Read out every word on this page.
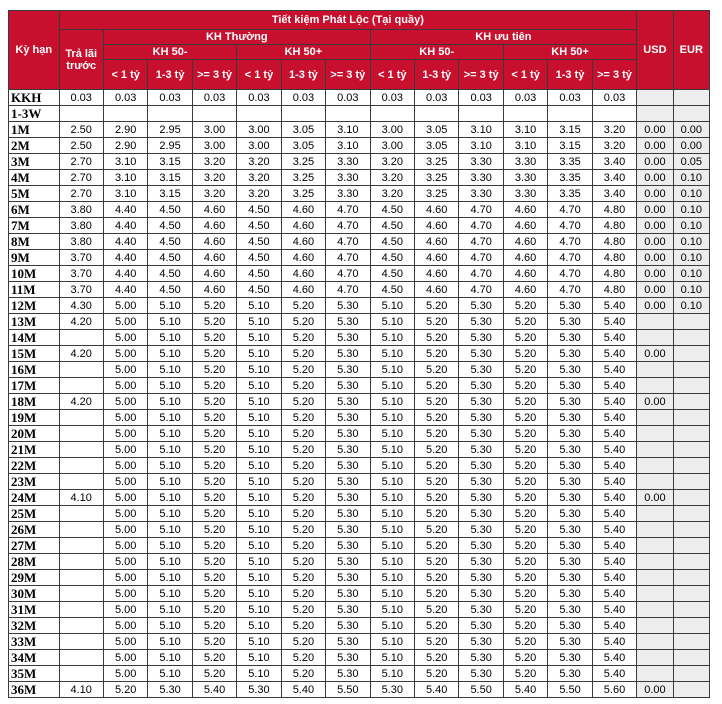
Kỳ hạn	Tiết kiệm Phát Lộc (Tại quầy)													USD	EUR
	Trả lãi trước	KH Thường						KH ưu tiên							
		KH 50-			KH 50+			KH 50-			KH 50+				
		< 1 tỷ	1-3 tỷ	>= 3 tỷ	< 1 tỷ	1-3 tỷ	>= 3 tỷ	< 1 tỷ	1-3 tỷ	>= 3 tỷ	< 1 tỷ	1-3 tỷ	>= 3 tỷ		
KKH	0.03	0.03	0.03	0.03	0.03	0.03	0.03	0.03	0.03	0.03	0.03	0.03	0.03		
1-3W															
1M	2.50	2.90	2.95	3.00	3.00	3.05	3.10	3.00	3.05	3.10	3.10	3.15	3.20	0.00	0.00
2M	2.50	2.90	2.95	3.00	3.00	3.05	3.10	3.00	3.05	3.10	3.10	3.15	3.20	0.00	0.00
3M	2.70	3.10	3.15	3.20	3.20	3.25	3.30	3.20	3.25	3.30	3.30	3.35	3.40	0.00	0.05
4M	2.70	3.10	3.15	3.20	3.20	3.25	3.30	3.20	3.25	3.30	3.30	3.35	3.40	0.00	0.10
5M	2.70	3.10	3.15	3.20	3.20	3.25	3.30	3.20	3.25	3.30	3.30	3.35	3.40	0.00	0.10
6M	3.80	4.40	4.50	4.60	4.50	4.60	4.70	4.50	4.60	4.70	4.60	4.70	4.80	0.00	0.10
7M	3.80	4.40	4.50	4.60	4.50	4.60	4.70	4.50	4.60	4.70	4.60	4.70	4.80	0.00	0.10
8M	3.80	4.40	4.50	4.60	4.50	4.60	4.70	4.50	4.60	4.70	4.60	4.70	4.80	0.00	0.10
9M	3.70	4.40	4.50	4.60	4.50	4.60	4.70	4.50	4.60	4.70	4.60	4.70	4.80	0.00	0.10
10M	3.70	4.40	4.50	4.60	4.50	4.60	4.70	4.50	4.60	4.70	4.60	4.70	4.80	0.00	0.10
11M	3.70	4.40	4.50	4.60	4.50	4.60	4.70	4.50	4.60	4.70	4.60	4.70	4.80	0.00	0.10
12M	4.30	5.00	5.10	5.20	5.10	5.20	5.30	5.10	5.20	5.30	5.20	5.30	5.40	0.00	0.10
13M	4.20	5.00	5.10	5.20	5.10	5.20	5.30	5.10	5.20	5.30	5.20	5.30	5.40		
14M		5.00	5.10	5.20	5.10	5.20	5.30	5.10	5.20	5.30	5.20	5.30	5.40		
15M	4.20	5.00	5.10	5.20	5.10	5.20	5.30	5.10	5.20	5.30	5.20	5.30	5.40	0.00	
16M		5.00	5.10	5.20	5.10	5.20	5.30	5.10	5.20	5.30	5.20	5.30	5.40		
17M		5.00	5.10	5.20	5.10	5.20	5.30	5.10	5.20	5.30	5.20	5.30	5.40		
18M	4.20	5.00	5.10	5.20	5.10	5.20	5.30	5.10	5.20	5.30	5.20	5.30	5.40	0.00	
19M		5.00	5.10	5.20	5.10	5.20	5.30	5.10	5.20	5.30	5.20	5.30	5.40		
20M		5.00	5.10	5.20	5.10	5.20	5.30	5.10	5.20	5.30	5.20	5.30	5.40		
21M		5.00	5.10	5.20	5.10	5.20	5.30	5.10	5.20	5.30	5.20	5.30	5.40		
22M		5.00	5.10	5.20	5.10	5.20	5.30	5.10	5.20	5.30	5.20	5.30	5.40		
23M		5.00	5.10	5.20	5.10	5.20	5.30	5.10	5.20	5.30	5.20	5.30	5.40		
24M	4.10	5.00	5.10	5.20	5.10	5.20	5.30	5.10	5.20	5.30	5.20	5.30	5.40	0.00	
25M		5.00	5.10	5.20	5.10	5.20	5.30	5.10	5.20	5.30	5.20	5.30	5.40		
26M		5.00	5.10	5.20	5.10	5.20	5.30	5.10	5.20	5.30	5.20	5.30	5.40		
27M		5.00	5.10	5.20	5.10	5.20	5.30	5.10	5.20	5.30	5.20	5.30	5.40		
28M		5.00	5.10	5.20	5.10	5.20	5.30	5.10	5.20	5.30	5.20	5.30	5.40		
29M		5.00	5.10	5.20	5.10	5.20	5.30	5.10	5.20	5.30	5.20	5.30	5.40		
30M		5.00	5.10	5.20	5.10	5.20	5.30	5.10	5.20	5.30	5.20	5.30	5.40		
31M		5.00	5.10	5.20	5.10	5.20	5.30	5.10	5.20	5.30	5.20	5.30	5.40		
32M		5.00	5.10	5.20	5.10	5.20	5.30	5.10	5.20	5.30	5.20	5.30	5.40		
33M		5.00	5.10	5.20	5.10	5.20	5.30	5.10	5.20	5.30	5.20	5.30	5.40		
34M		5.00	5.10	5.20	5.10	5.20	5.30	5.10	5.20	5.30	5.20	5.30	5.40		
35M		5.00	5.10	5.20	5.10	5.20	5.30	5.10	5.20	5.30	5.20	5.30	5.40		
36M	4.10	5.20	5.30	5.40	5.30	5.40	5.50	5.30	5.40	5.50	5.40	5.50	5.60	0.00	
